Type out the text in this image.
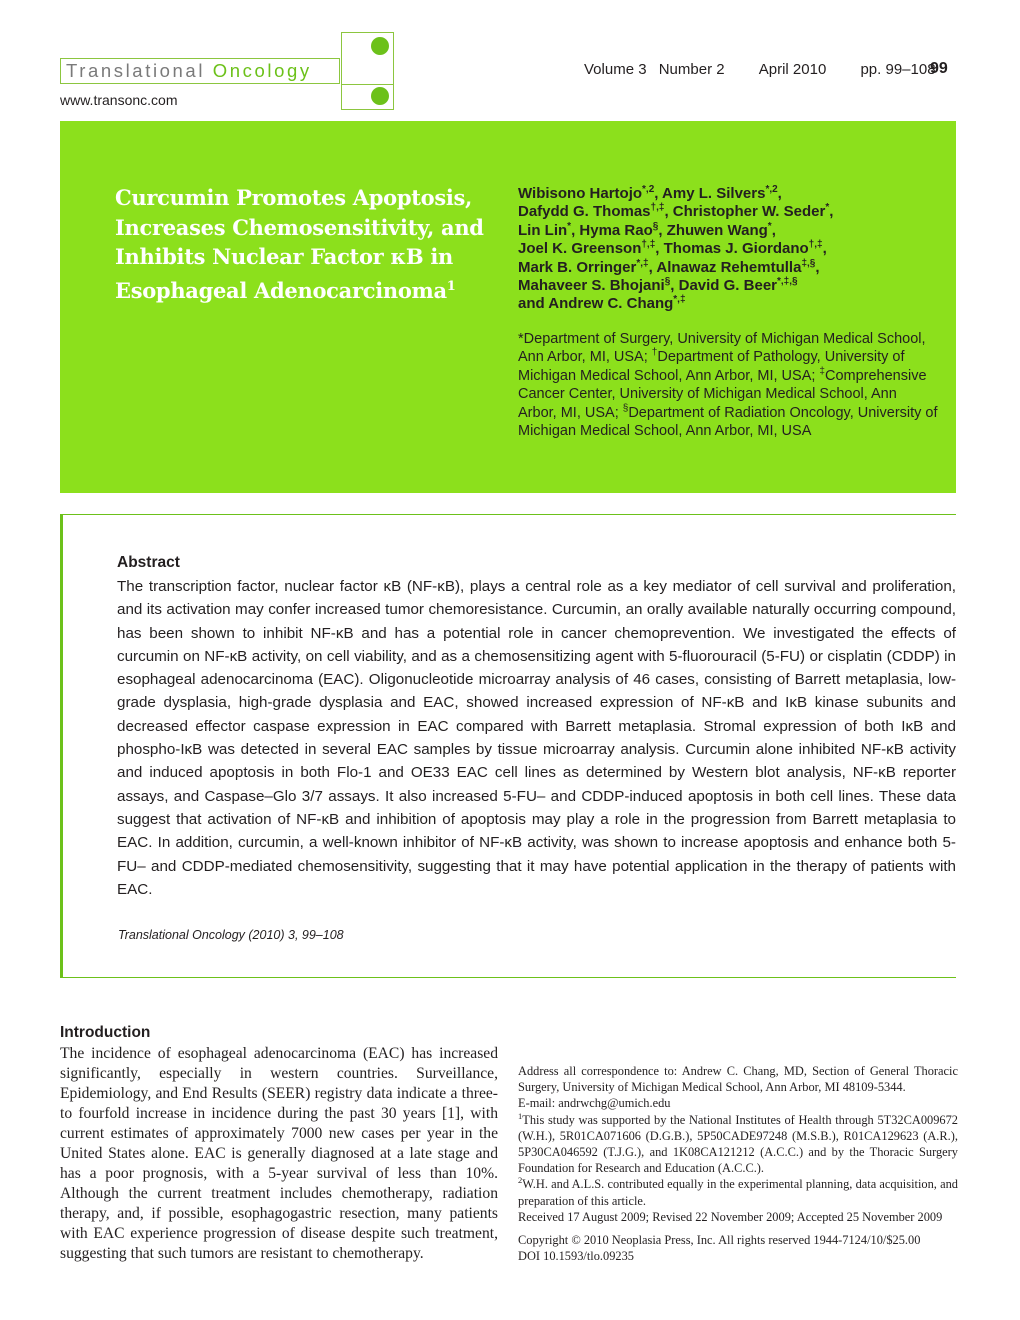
Translational Oncology
www.transonc.com
Volume 3 Number 2 April 2010 pp. 99–108
99
Curcumin Promotes Apoptosis,
Increases Chemosensitivity, and
Inhibits Nuclear Factor κB in
Esophageal Adenocarcinoma$^1$

Wibisono Hartojo$^{*,2}$, Amy L. Silvers$^{*,2}$,
Dafydd G. Thomas†,‡, Christopher W. Seder*,
Lin Lin*, Hyma Rao§, Zhuwen Wang*,
Joel K. Greenson†,‡, Thomas J. Giordano†,‡,
Mark B. Orringer*,‡, Alnawaz Rehemtulla‡,§,
Mahaveer S. Bhojani§, David G. Beer*,‡,§
and Andrew C. Chang*,‡

*Department of Surgery, University of Michigan Medical School, Ann Arbor, MI, USA; †Department of Pathology, University of Michigan Medical School, Ann Arbor, MI, USA; ‡Comprehensive Cancer Center, University of Michigan Medical School, Ann Arbor, MI, USA; §Department of Radiation Oncology, University of Michigan Medical School, Ann Arbor, MI, USA

Abstract

The transcription factor, nuclear factor κB (NF-κB), plays a central role as a key mediator of cell survival and proliferation, and its activation may confer increased tumor chemoresistance. Curcumin, an orally available naturally occurring compound, has been shown to inhibit NF-κB and has a potential role in cancer chemoprevention. We investigated the effects of curcumin on NF-κB activity, on cell viability, and as a chemosensitizing agent with 5-fluorouracil (5-FU) or cisplatin (CDDP) in esophageal adenocarcinoma (EAC). Oligonucleotide microarray analysis of 46 cases, consisting of Barrett metaplasia, low-grade dysplasia, high-grade dysplasia and EAC, showed increased expression of NF-κB and IκB kinase subunits and decreased effector caspase expression in EAC compared with Barrett metaplasia. Stromal expression of both IκB and phospho-IκB was detected in several EAC samples by tissue microarray analysis. Curcumin alone inhibited NF-κB activity and induced apoptosis in both Flo-1 and OE33 EAC cell lines as determined by Western blot analysis, NF-κB reporter assays, and Caspase–Glo 3/7 assays. It also increased 5-FU– and CDDP-induced apoptosis in both cell lines. These data suggest that activation of NF-κB and inhibition of apoptosis may play a role in the progression from Barrett metaplasia to EAC. In addition, curcumin, a well-known inhibitor of NF-κB activity, was shown to increase apoptosis and enhance both 5-FU– and CDDP-mediated chemosensitivity, suggesting that it may have potential application in the therapy of patients with EAC.

Translational Oncology (2010) 3, 99–108
Introduction

The incidence of esophageal adenocarcinoma (EAC) has increased significantly, especially in western countries. Surveillance, Epidemiology, and End Results (SEER) registry data indicate a three- to fourfold increase in incidence during the past 30 years [1], with current estimates of approximately 7000 new cases per year in the United States alone. EAC is generally diagnosed at a late stage and has a poor prognosis, with a 5-year survival of less than 10%. Although the current treatment includes chemotherapy, radiation therapy, and, if possible, esophagogastric resection, many patients with EAC experience progression of disease despite such treatment, suggesting that such tumors are resistant to chemotherapy.

Address all correspondence to: Andrew C. Chang, MD, Section of General Thoracic Surgery, University of Michigan Medical School, Ann Arbor, MI 48109-5344.

E-mail: andrwchg@umich.edu

$^1$This study was supported by the National Institutes of Health through 5T32CA009672 (W.H.), 5R01CA071606 (D.G.B.), 5P50CADE97248 (M.S.B.), R01CA129623 (A.R.), 5P30CA046592 (T.J.G.), and 1K08CA121212 (A.C.C.) and by the Thoracic Surgery Foundation for Research and Education (A.C.C.).

$^2$W.H. and A.L.S. contributed equally in the experimental planning, data acquisition, and preparation of this article.

Received 17 August 2009; Revised 22 November 2009; Accepted 25 November 2009

Copyright © 2010 Neoplasia Press, Inc. All rights reserved 1944-7124/10/$25.00

DOI 10.1593/tlo.09235
